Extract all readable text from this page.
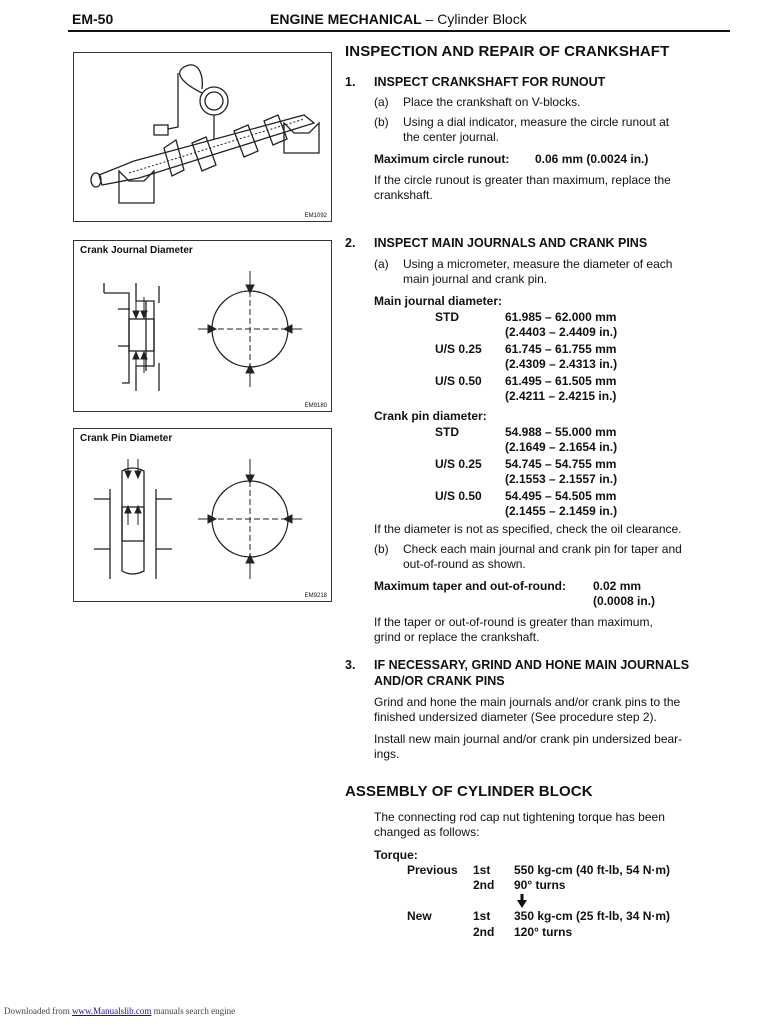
EM-50	ENGINE MECHANICAL – Cylinder Block
EM1092
Crank Journal Diameter
EM9180
Crank Pin Diameter
EM9218
INSPECTION AND REPAIR OF CRANKSHAFT
1. INSPECT CRANKSHAFT FOR RUNOUT
(a) Place the crankshaft on V-blocks.
(b) Using a dial indicator, measure the circle runout at
the center journal.
Maximum circle runout: 0.06 mm (0.0024 in.)
If the circle runout is greater than maximum, replace the
crankshaft.
2. INSPECT MAIN JOURNALS AND CRANK PINS
(a) Using a micrometer, measure the diameter of each
main journal and crank pin.
Main journal diameter:
STD	61.985 – 62.000 mm
(2.4403 – 2.4409 in.)
U/S 0.25 61.745 – 61.755 mm
(2.4309 – 2.4313 in.)
U/S 0.50 61.495 – 61.505 mm
(2.4211 – 2.4215 in.)
Crank pin diameter:
STD	54.988 – 55.000 mm
(2.1649 – 2.1654 in.)
U/S 0.25 54.745 – 54.755 mm
(2.1553 – 2.1557 in.)
U/S 0.50 54.495 – 54.505 mm
(2.1455 – 2.1459 in.)
If the diameter is not as specified, check the oil clearance.
(b) Check each main journal and crank pin for taper and
out-of-round as shown.
Maximum taper and out-of-round: 0.02 mm
(0.0008 in.)
If the taper or out-of-round is greater than maximum,
grind or replace the crankshaft.
3. IF NECESSARY, GRIND AND HONE MAIN JOURNALS
AND/OR CRANK PINS
Grind and hone the main journals and/or crank pins to the
finished undersized diameter (See procedure step 2).
Install new main journal and/or crank pin undersized bear-
ings.
ASSEMBLY OF CYLINDER BLOCK
The connecting rod cap nut tightening torque has been
changed as follows:
Torque:
Previous 1st 550 kg-cm (40 ft-lb, 54 N·m)
2nd 90° turns
New	1st 350 kg-cm (25 ft-lb, 34 N·m)
2nd 120° turns
Downloaded from www.Manualslib.com manuals search engine
